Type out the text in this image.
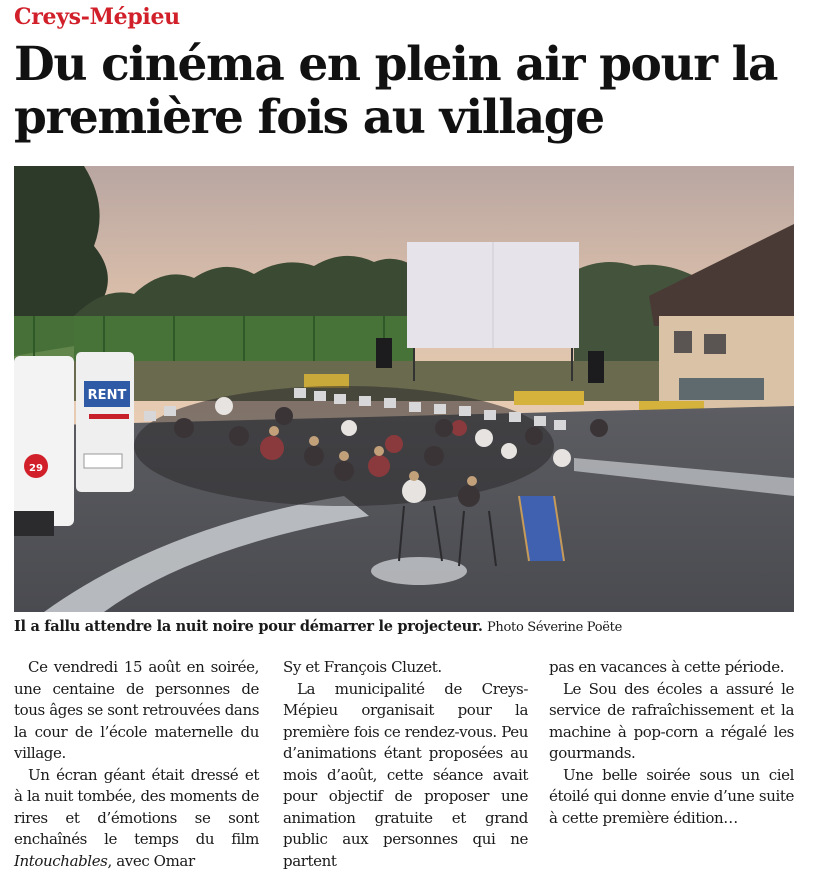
Creys-Mépieu
Du cinéma en plein air pour la première fois au village
RENT
29
Il a fallu attendre la nuit noire pour démarrer le projecteur. Photo Séverine Poëte

Ce vendredi 15 août en soirée, une centaine de personnes de tous âges se sont retrouvées dans la cour de l’école maternelle du village.

Un écran géant était dressé et à la nuit tombée, des moments de rires et d’émotions se sont enchaînés le temps du film Intouchables, avec Omar

Sy et François Cluzet.

La municipalité de Creys-Mépieu organisait pour la première fois ce rendez-vous. Peu d’animations étant proposées au mois d’août, cette séance avait pour objectif de proposer une animation gratuite et grand public aux personnes qui ne partent

pas en vacances à cette période.

Le Sou des écoles a assuré le service de rafraîchissement et la machine à pop-corn a régalé les gourmands.

Une belle soirée sous un ciel étoilé qui donne envie d’une suite à cette première édition…
